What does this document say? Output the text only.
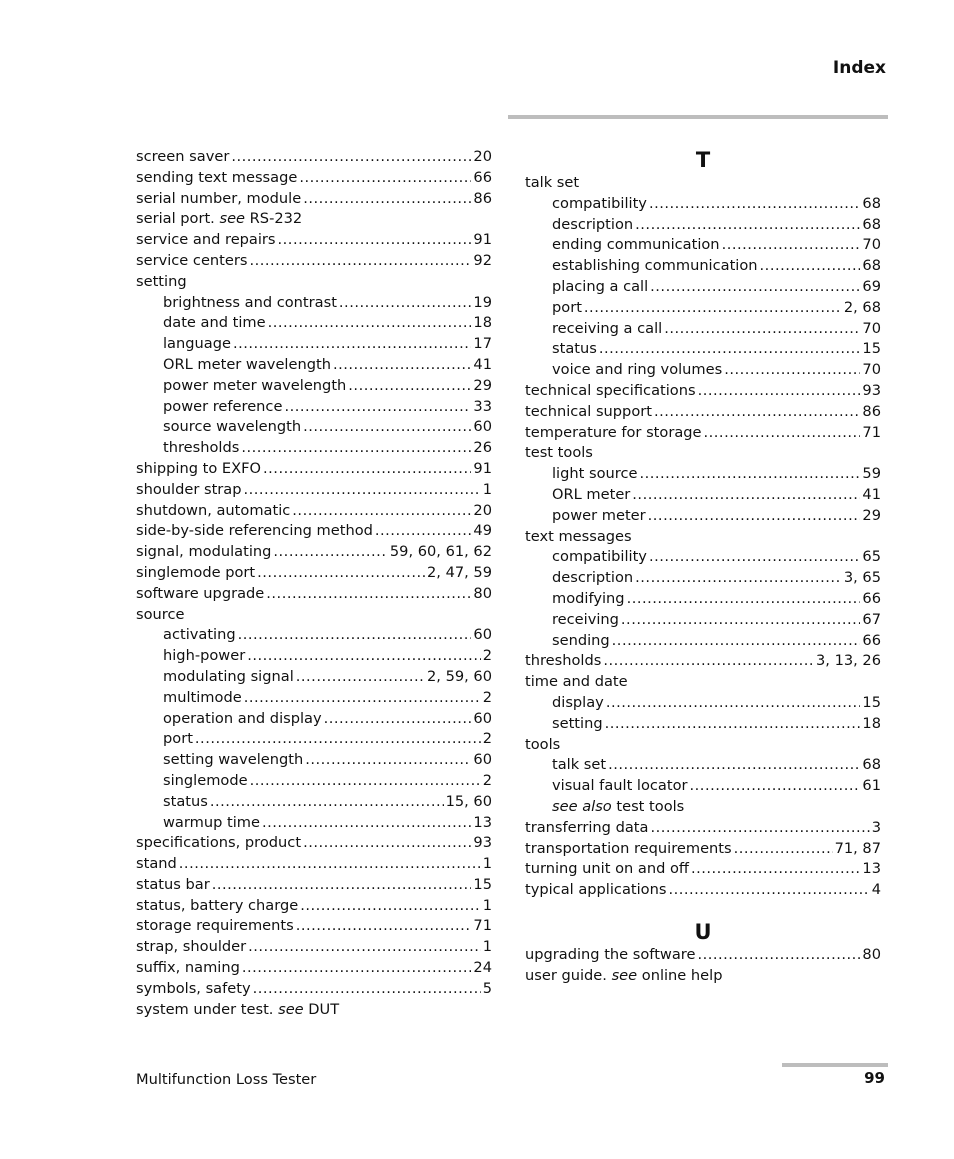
Index
screen saver .....	20
sending text message .....	66
serial number, module .....	86
serial port.
see
RS-232
service and repairs .....	91
service centers .....	92
setting
brightness and contrast .....	19
date and time .....	18
language .....	17
ORL meter wavelength .....	41
power meter wavelength .....	29
power reference .....	33
source wavelength .....	60
thresholds .....	26
shipping to EXFO .....	91
shoulder strap .....	1
shutdown, automatic .....	20
side-by-side referencing method .....	49
signal, modulating .....	59, 60, 61, 62
singlemode port .....	2, 47, 59
software upgrade .....	80
source
activating .....	60
high-power .....	2
modulating signal .....	2, 59, 60
multimode .....	2
operation and display .....	60
port .....	2
setting wavelength .....	60
singlemode .....	2
status .....	15, 60
warmup time .....	13
specifications, product .....	93
stand .....	1
status bar .....	15
status, battery charge .....	1
storage requirements .....	71
strap, shoulder .....	1
suffix, naming .....	24
symbols, safety .....	5
system under test.
see
DUT
T
talk set
compatibility .....	68
description .....	68
ending communication .....	70
establishing communication .....	68
placing a call .....	69
port .....	2, 68
receiving a call .....	70
status .....	15
voice and ring volumes .....	70
technical specifications .....	93
technical support .....	86
temperature for storage .....	71
test tools
light source .....	59
ORL meter .....	41
power meter .....	29
text messages
compatibility .....	65
description .....	3, 65
modifying .....	66
receiving .....	67
sending .....	66
thresholds .....	3, 13, 26
time and date
display .....	15
setting .....	18
tools
talk set .....	68
visual fault locator .....	61
see also
test tools
transferring data .....	3
transportation requirements .....	71, 87
turning unit on and off .....	13
typical applications .....	4
U
upgrading the software .....	80
user guide.
see
online help
Multifunction Loss Tester	99
